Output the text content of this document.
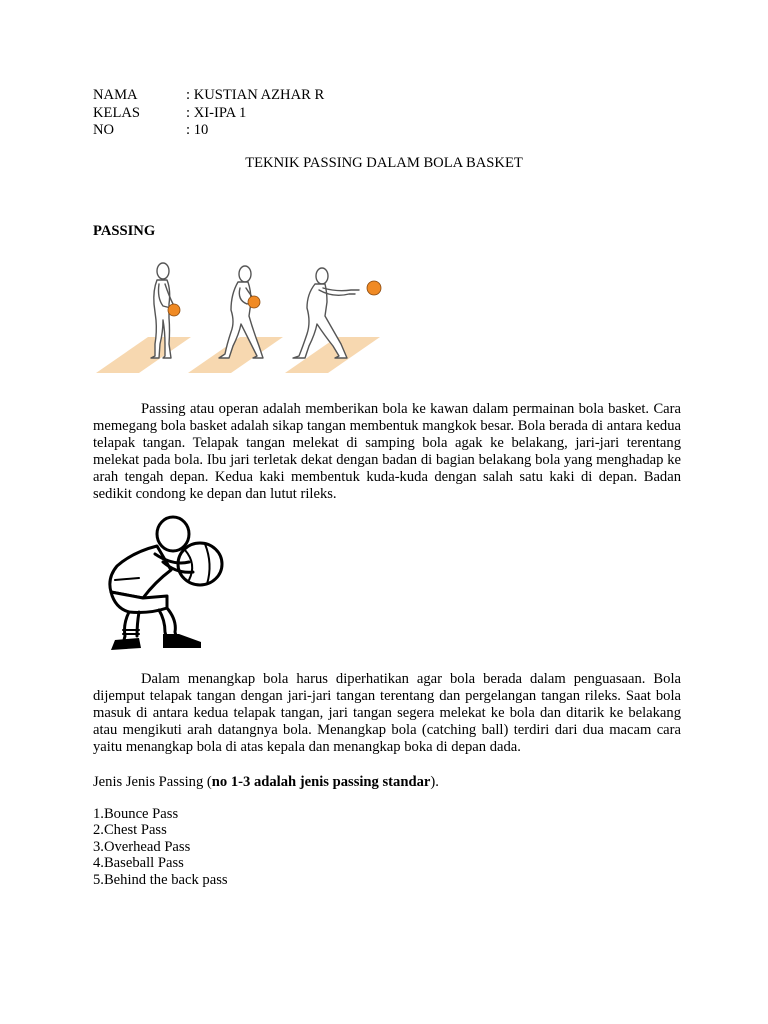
NAMA	: KUSTIAN AZHAR R
KELAS	: XI-IPA 1
NO	: 10
TEKNIK PASSING DALAM BOLA BASKET
PASSING

Passing atau operan adalah memberikan bola ke kawan dalam permainan bola basket. Cara memegang bola basket adalah sikap tangan membentuk mangkok besar. Bola berada di antara kedua telapak tangan. Telapak tangan melekat di samping bola agak ke belakang, jari-jari terentang melekat pada bola. Ibu jari terletak dekat dengan badan di bagian belakang bola yang menghadap ke arah tengah depan. Kedua kaki membentuk kuda-kuda dengan salah satu kaki di depan. Badan sedikit condong ke depan dan lutut rileks.

Dalam menangkap bola harus diperhatikan agar bola berada dalam penguasaan. Bola dijemput telapak tangan dengan jari-jari tangan terentang dan pergelangan tangan rileks. Saat bola masuk di antara kedua telapak tangan, jari tangan segera melekat ke bola dan ditarik ke belakang atau mengikuti arah datangnya bola. Menangkap bola (catching ball) terdiri dari dua macam cara yaitu menangkap bola di atas kepala dan menangkap boka di depan dada.

Jenis Jenis Passing (no 1-3 adalah jenis passing standar).
1.Bounce Pass
2.Chest Pass
3.Overhead Pass
4.Baseball Pass
5.Behind the back pass
